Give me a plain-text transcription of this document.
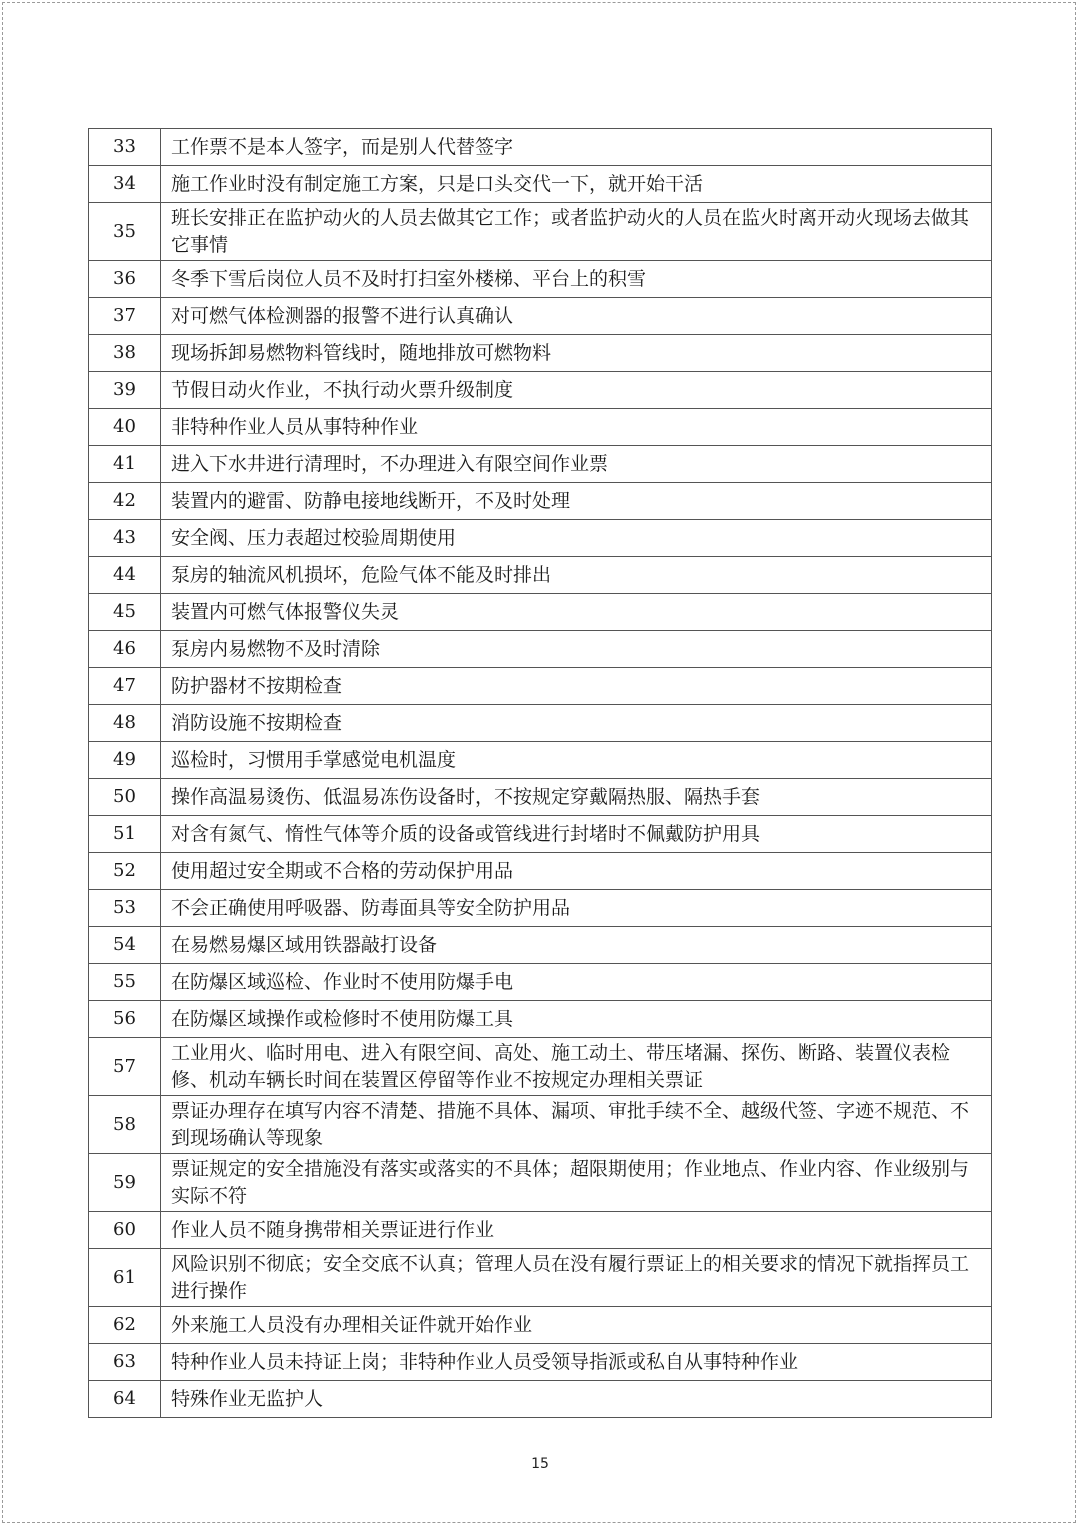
33	工作票不是本人签字，而是别人代替签字
34	施工作业时没有制定施工方案，只是口头交代一下，就开始干活
35	班长安排正在监护动火的人员去做其它工作；或者监护动火的人员在监火时离开动火现场去做其它事情
36	冬季下雪后岗位人员不及时打扫室外楼梯、平台上的积雪
37	对可燃气体检测器的报警不进行认真确认
38	现场拆卸易燃物料管线时，随地排放可燃物料
39	节假日动火作业，不执行动火票升级制度
40	非特种作业人员从事特种作业
41	进入下水井进行清理时，不办理进入有限空间作业票
42	装置内的避雷、防静电接地线断开，不及时处理
43	安全阀、压力表超过校验周期使用
44	泵房的轴流风机损坏，危险气体不能及时排出
45	装置内可燃气体报警仪失灵
46	泵房内易燃物不及时清除
47	防护器材不按期检查
48	消防设施不按期检查
49	巡检时，习惯用手掌感觉电机温度
50	操作高温易烫伤、低温易冻伤设备时，不按规定穿戴隔热服、隔热手套
51	对含有氮气、惰性气体等介质的设备或管线进行封堵时不佩戴防护用具
52	使用超过安全期或不合格的劳动保护用品
53	不会正确使用呼吸器、防毒面具等安全防护用品
54	在易燃易爆区域用铁器敲打设备
55	在防爆区域巡检、作业时不使用防爆手电
56	在防爆区域操作或检修时不使用防爆工具
57	工业用火、临时用电、进入有限空间、高处、施工动土、带压堵漏、探伤、断路、装置仪表检修、机动车辆长时间在装置区停留等作业不按规定办理相关票证
58	票证办理存在填写内容不清楚、措施不具体、漏项、审批手续不全、越级代签、字迹不规范、不到现场确认等现象
59	票证规定的安全措施没有落实或落实的不具体；超限期使用；作业地点、作业内容、作业级别与实际不符
60	作业人员不随身携带相关票证进行作业
61	风险识别不彻底；安全交底不认真；管理人员在没有履行票证上的相关要求的情况下就指挥员工进行操作
62	外来施工人员没有办理相关证件就开始作业
63	特种作业人员未持证上岗；非特种作业人员受领导指派或私自从事特种作业
64	特殊作业无监护人
15
